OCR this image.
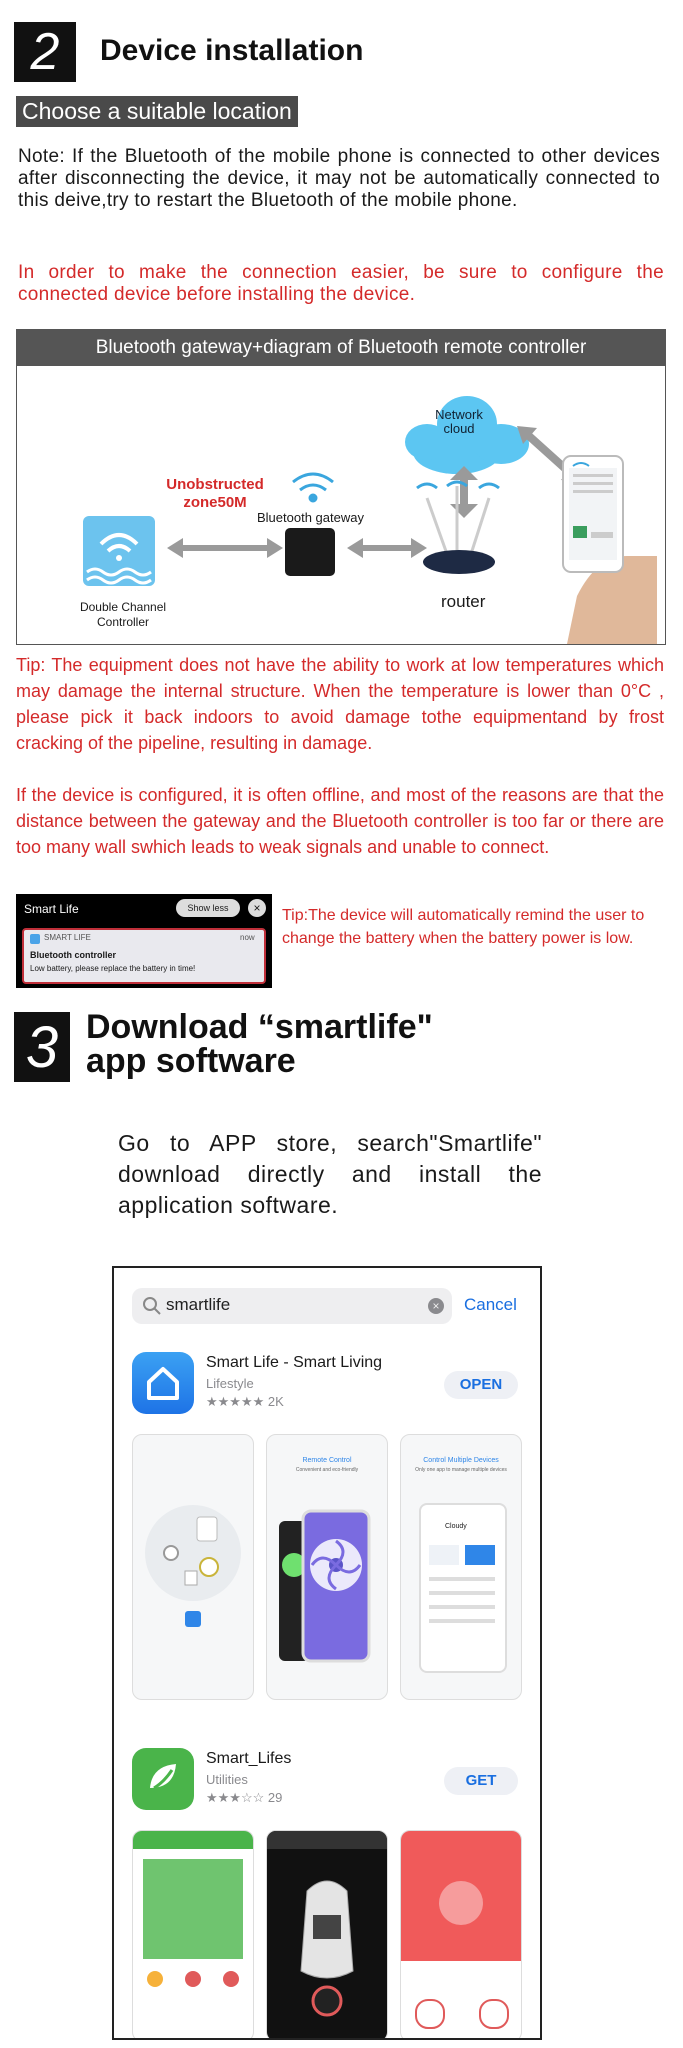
2	Device installation
Choose a suitable location
Note: If the Bluetooth of the mobile phone is connected to other devices after disconnecting the device, it may not be automatically connected to this deive,try to restart the Bluetooth of the mobile phone.
In order to make the connection easier, be sure to configure the connected device before installing the device.
Bluetooth gateway+diagram of Bluetooth remote controller
Network
cloud
Unobstructed
zone50M
Bluetooth gateway
router
Double Channel
Controller
Tip: The equipment does not have the ability to work at low temperatures which may damage the internal structure. When the temperature is lower than 0°C , please pick it back indoors to avoid damage tothe equipmentand by frost cracking of the pipeline, resulting in damage.
If the device is configured, it is often offline, and most of the reasons are that the distance between the gateway and the Bluetooth controller is too far or there are too many wall swhich leads to weak signals and unable to connect.
Smart Life	Show less	×
SMART LIFE	now
Bluetooth controller
Low battery, please replace the battery in time!
Tip:The device will automatically remind the user to change the battery when the battery power is low.
3 Download “smartlife"
app software
Go to APP store, search"Smartlife" download directly and install the application software.
smartlife	× Cancel
Smart Life - Smart Living
Lifestyle
★★★★★ 2K
OPEN
Remote Control
Convenient and eco-friendly
Control Multiple Devices
Only one app to manage multiple devices
Cloudy
Smart_Lifes
Utilities
★★★☆☆ 29
GET
